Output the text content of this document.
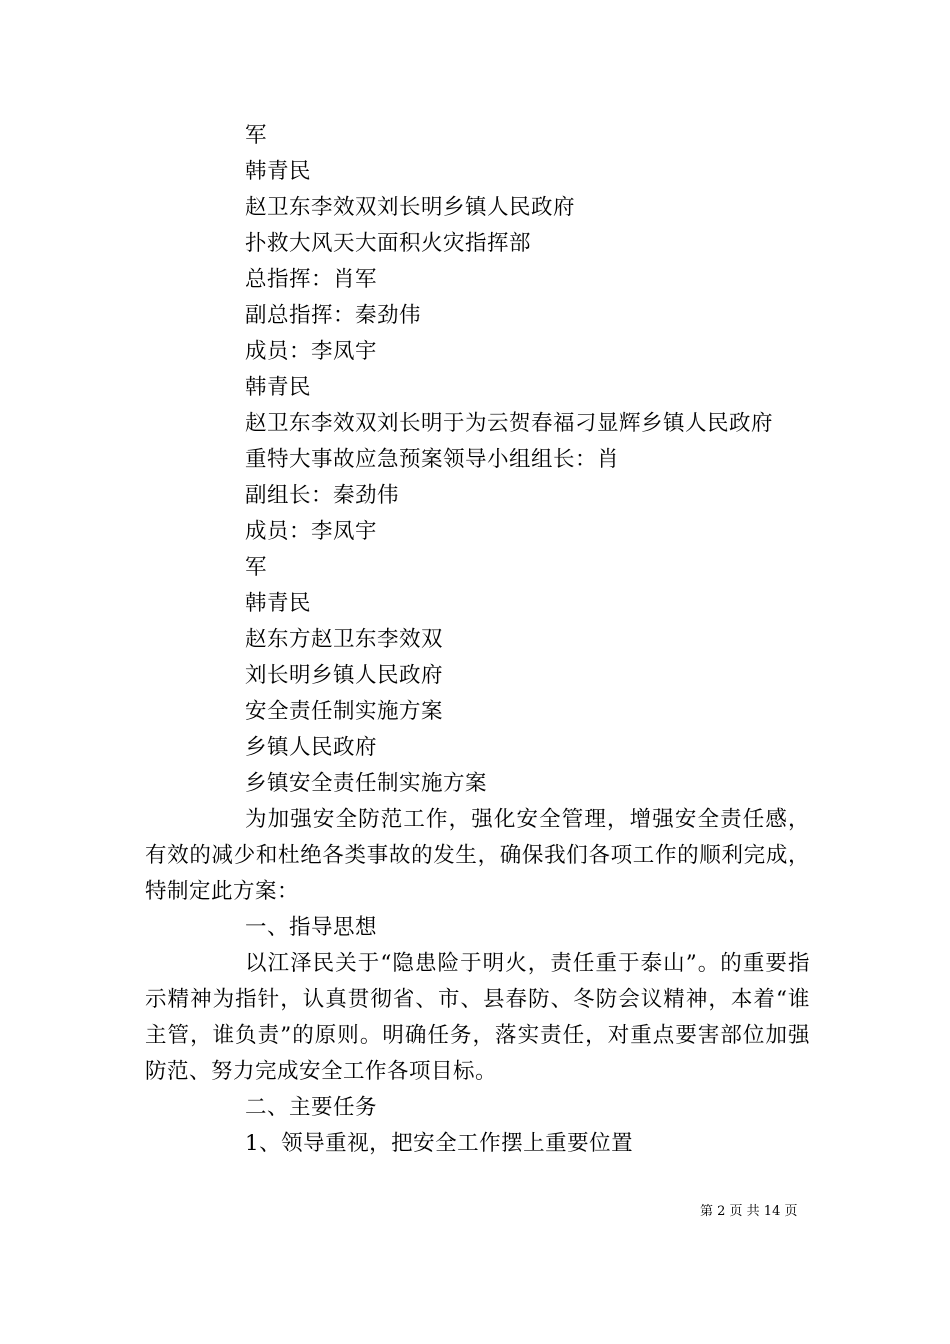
军
韩青民
赵卫东李效双刘长明乡镇人民政府
扑救大风天大面积火灾指挥部
总指挥：肖军
副总指挥：秦劲伟
成员：李凤宇
韩青民
赵卫东李效双刘长明于为云贺春福刁显辉乡镇人民政府
重特大事故应急预案领导小组组长：肖
副组长：秦劲伟
成员：李凤宇
军
韩青民
赵东方赵卫东李效双
刘长明乡镇人民政府
安全责任制实施方案
乡镇人民政府
乡镇安全责任制实施方案
为加强安全防范工作，强化安全管理，增强安全责任感，有效的减少和杜绝各类事故的发生，确保我们各项工作的顺利完成，特制定此方案：
一、指导思想
以江泽民关于“隐患险于明火，责任重于泰山”。的重要指示精神为指针，认真贯彻省、市、县春防、冬防会议精神，本着“谁主管，谁负责”的原则。明确任务，落实责任，对重点要害部位加强防范、努力完成安全工作各项目标。
二、主要任务
1、领导重视，把安全工作摆上重要位置
第 2 页 共 14 页
